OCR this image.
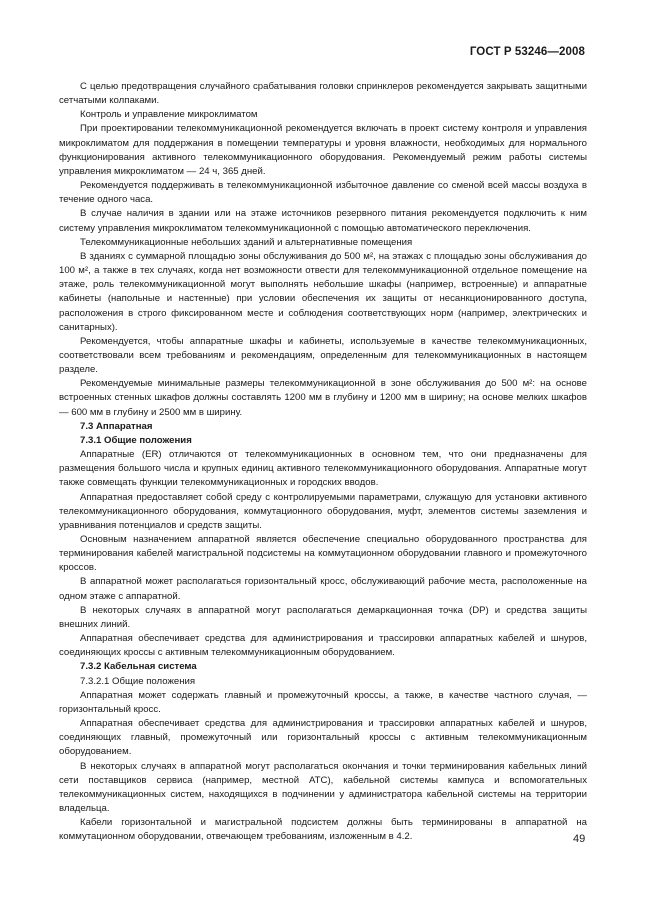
ГОСТ Р 53246—2008

С целью предотвращения случайного срабатывания головки спринклеров рекомендуется закрывать защитными сетчатыми колпаками.

Контроль и управление микроклиматом

При проектировании телекоммуникационной рекомендуется включать в проект систему контроля и управления микроклиматом для поддержания в помещении температуры и уровня влажности, необходимых для нормального функционирования активного телекоммуникационного оборудования. Рекомендуемый режим работы системы управления микроклиматом — 24 ч, 365 дней.

Рекомендуется поддерживать в телекоммуникационной избыточное давление со сменой всей массы воздуха в течение одного часа.

В случае наличия в здании или на этаже источников резервного питания рекомендуется подключить к ним систему управления микроклиматом телекоммуникационной с помощью автоматического переключения.

Телекоммуникационные небольших зданий и альтернативные помещения

В зданиях с суммарной площадью зоны обслуживания до 500 м², на этажах с площадью зоны обслуживания до 100 м², а также в тех случаях, когда нет возможности отвести для телекоммуникационной отдельное помещение на этаже, роль телекоммуникационной могут выполнять небольшие шкафы (например, встроенные) и аппаратные кабинеты (напольные и настенные) при условии обеспечения их защиты от несанкционированного доступа, расположения в строго фиксированном месте и соблюдения соответствующих норм (например, электрических и санитарных).

Рекомендуется, чтобы аппаратные шкафы и кабинеты, используемые в качестве телекоммуникационных, соответствовали всем требованиям и рекомендациям, определенным для телекоммуникационных в настоящем разделе.

Рекомендуемые минимальные размеры телекоммуникационной в зоне обслуживания до 500 м²: на основе встроенных стенных шкафов должны составлять 1200 мм в глубину и 1200 мм в ширину; на основе мелких шкафов — 600 мм в глубину и 2500 мм в ширину.

7.3 Аппаратная

7.3.1 Общие положения

Аппаратные (ER) отличаются от телекоммуникационных в основном тем, что они предназначены для размещения большого числа и крупных единиц активного телекоммуникационного оборудования. Аппаратные могут также совмещать функции телекоммуникационных и городских вводов.

Аппаратная предоставляет собой среду с контролируемыми параметрами, служащую для установки активного телекоммуникационного оборудования, коммутационного оборудования, муфт, элементов системы заземления и уравнивания потенциалов и средств защиты.

Основным назначением аппаратной является обеспечение специально оборудованного пространства для терминирования кабелей магистральной подсистемы на коммутационном оборудовании главного и промежуточного кроссов.

В аппаратной может располагаться горизонтальный кросс, обслуживающий рабочие места, расположенные на одном этаже с аппаратной.

В некоторых случаях в аппаратной могут располагаться демаркационная точка (DP) и средства защиты внешних линий.

Аппаратная обеспечивает средства для администрирования и трассировки аппаратных кабелей и шнуров, соединяющих кроссы с активным телекоммуникационным оборудованием.

7.3.2 Кабельная система

7.3.2.1 Общие положения

Аппаратная может содержать главный и промежуточный кроссы, а также, в качестве частного случая, — горизонтальный кросс.

Аппаратная обеспечивает средства для администрирования и трассировки аппаратных кабелей и шнуров, соединяющих главный, промежуточный или горизонтальный кроссы с активным телекоммуникационным оборудованием.

В некоторых случаях в аппаратной могут располагаться окончания и точки терминирования кабельных линий сети поставщиков сервиса (например, местной АТС), кабельной системы кампуса и вспомогательных телекоммуникационных систем, находящихся в подчинении у администратора кабельной системы на территории владельца.

Кабели горизонтальной и магистральной подсистем должны быть терминированы в аппаратной на коммутационном оборудовании, отвечающем требованиям, изложенным в 4.2.	49
